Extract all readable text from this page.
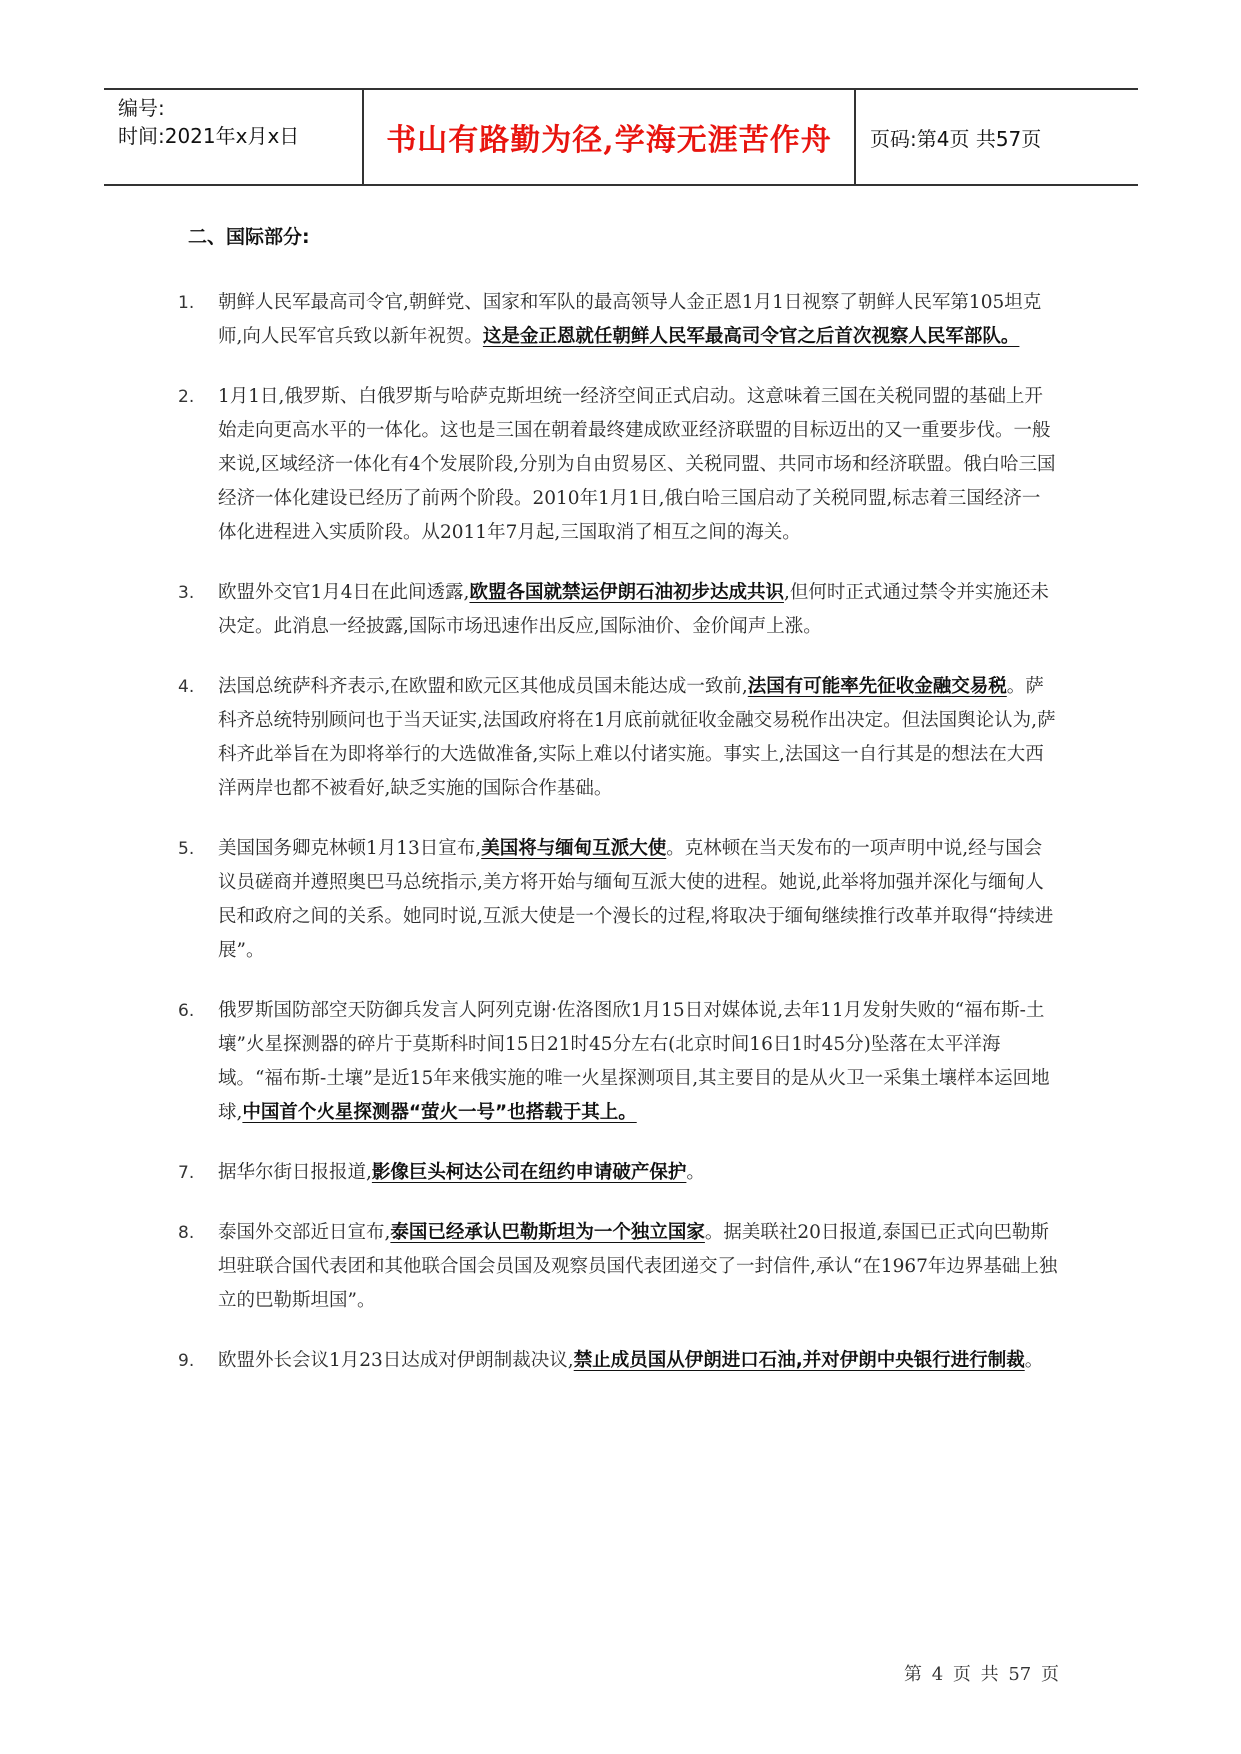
编号:
时间:2021年x月x日	书山有路勤为径,学海无涯苦作舟	页码:第4页 共57页
二、国际部分:
1. 朝鲜人民军最高司令官,朝鲜党、国家和军队的最高领导人金正恩1月1日视察了朝鲜人民军第105坦克师,向人民军官兵致以新年祝贺。这是金正恩就任朝鲜人民军最高司令官之后首次视察人民军部队。
2. 1月1日,俄罗斯、白俄罗斯与哈萨克斯坦统一经济空间正式启动。这意味着三国在关税同盟的基础上开始走向更高水平的一体化。这也是三国在朝着最终建成欧亚经济联盟的目标迈出的又一重要步伐。一般来说,区域经济一体化有4个发展阶段,分别为自由贸易区、关税同盟、共同市场和经济联盟。俄白哈三国经济一体化建设已经历了前两个阶段。2010年1月1日,俄白哈三国启动了关税同盟,标志着三国经济一体化进程进入实质阶段。从2011年7月起,三国取消了相互之间的海关。
3. 欧盟外交官1月4日在此间透露,欧盟各国就禁运伊朗石油初步达成共识,但何时正式通过禁令并实施还未决定。此消息一经披露,国际市场迅速作出反应,国际油价、金价闻声上涨。
4. 法国总统萨科齐表示,在欧盟和欧元区其他成员国未能达成一致前,法国有可能率先征收金融交易税。萨科齐总统特别顾问也于当天证实,法国政府将在1月底前就征收金融交易税作出决定。但法国舆论认为,萨科齐此举旨在为即将举行的大选做准备,实际上难以付诸实施。事实上,法国这一自行其是的想法在大西洋两岸也都不被看好,缺乏实施的国际合作基础。
5. 美国国务卿克林顿1月13日宣布,美国将与缅甸互派大使。克林顿在当天发布的一项声明中说,经与国会议员磋商并遵照奥巴马总统指示,美方将开始与缅甸互派大使的进程。她说,此举将加强并深化与缅甸人民和政府之间的关系。她同时说,互派大使是一个漫长的过程,将取决于缅甸继续推行改革并取得“持续进展”。
6. 俄罗斯国防部空天防御兵发言人阿列克谢·佐洛图欣1月15日对媒体说,去年11月发射失败的“福布斯-土壤”火星探测器的碎片于莫斯科时间15日21时45分左右(北京时间16日1时45分)坠落在太平洋海域。“福布斯-土壤”是近15年来俄实施的唯一火星探测项目,其主要目的是从火卫一采集土壤样本运回地球,中国首个火星探测器“萤火一号”也搭载于其上。
7. 据华尔街日报报道,影像巨头柯达公司在纽约申请破产保护。
8. 泰国外交部近日宣布,泰国已经承认巴勒斯坦为一个独立国家。据美联社20日报道,泰国已正式向巴勒斯坦驻联合国代表团和其他联合国会员国及观察员国代表团递交了一封信件,承认“在1967年边界基础上独立的巴勒斯坦国”。
9. 欧盟外长会议1月23日达成对伊朗制裁决议,禁止成员国从伊朗进口石油,并对伊朗中央银行进行制裁。
第 4 页 共 57 页
